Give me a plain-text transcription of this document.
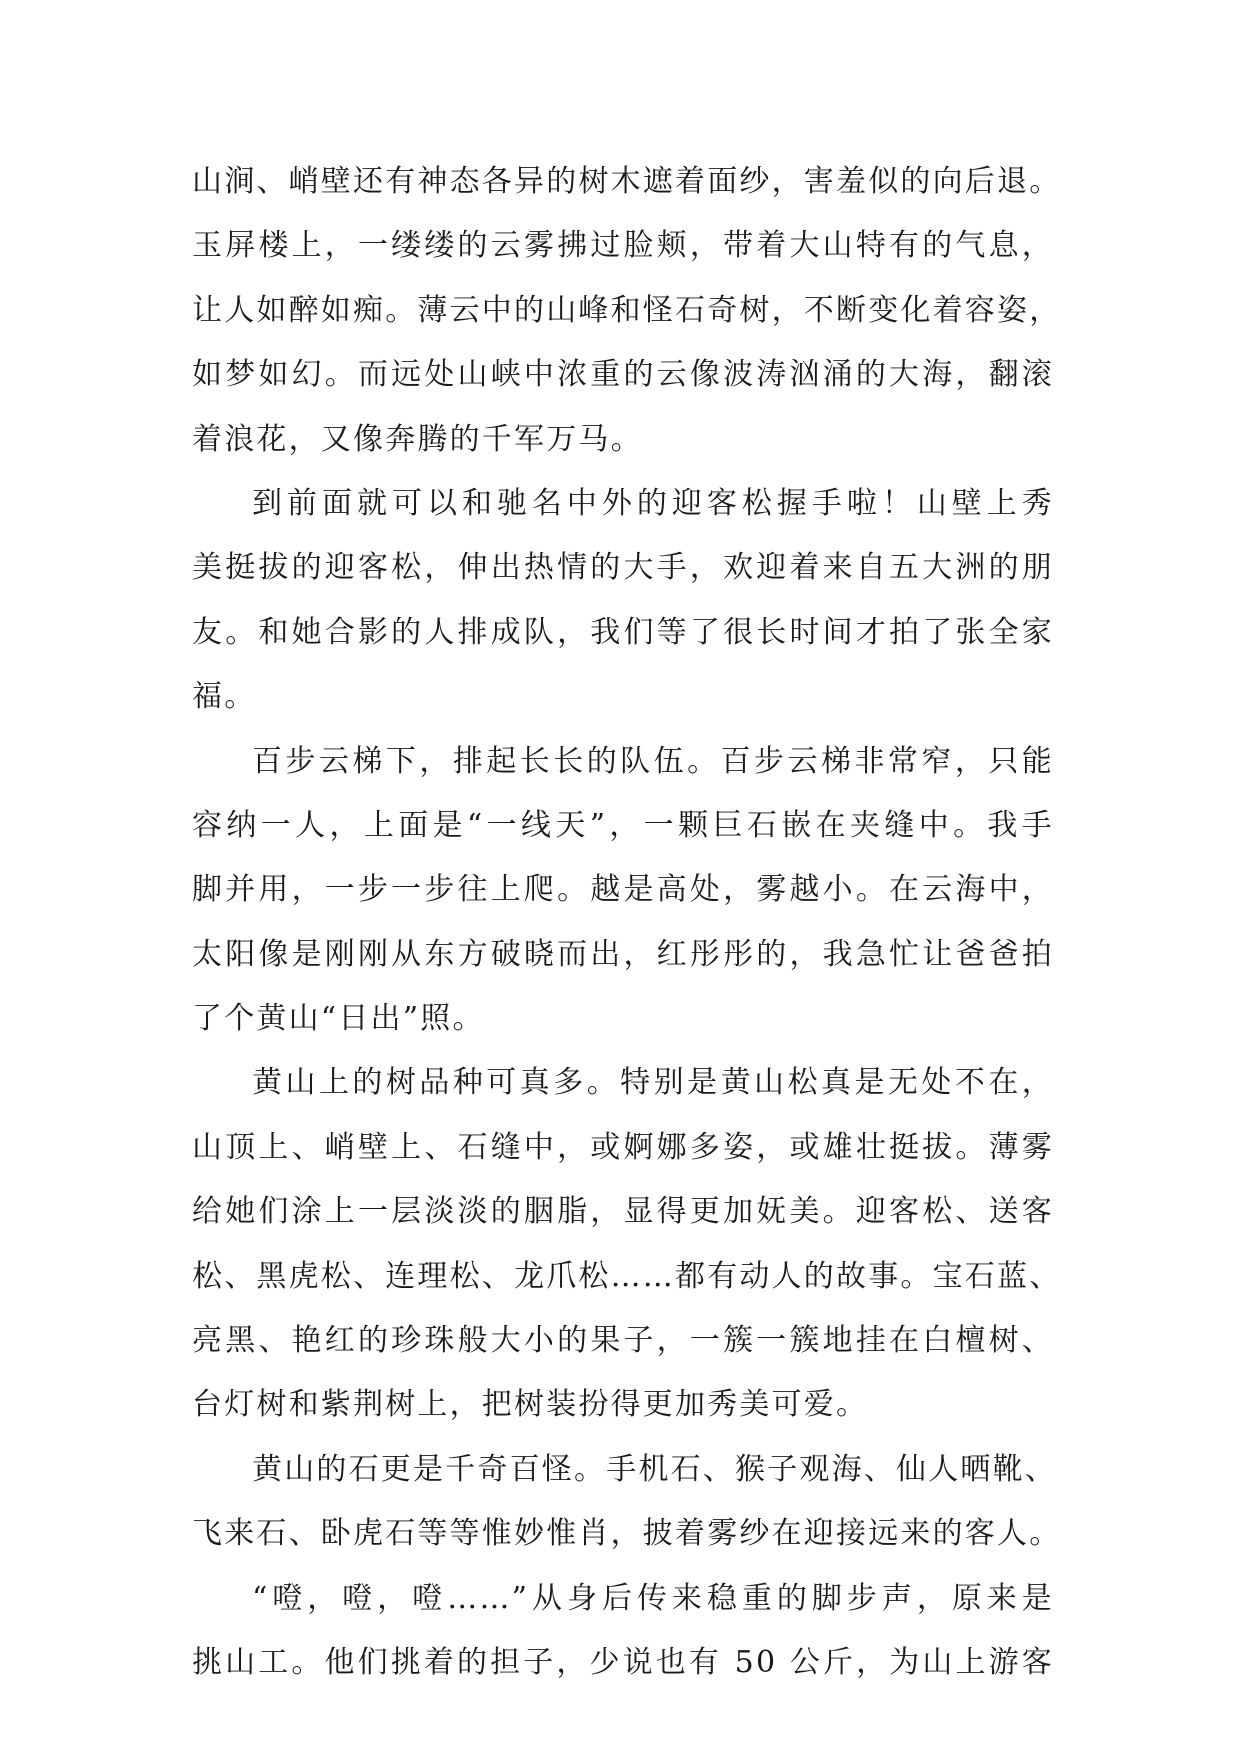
山涧、峭壁还有神态各异的树木遮着面纱，害羞似的向后退。
玉屏楼上，一缕缕的云雾拂过脸颊，带着大山特有的气息，
让人如醉如痴。薄云中的山峰和怪石奇树，不断变化着容姿，
如梦如幻。而远处山峡中浓重的云像波涛汹涌的大海，翻滚
着浪花，又像奔腾的千军万马。
到前面就可以和驰名中外的迎客松握手啦！山壁上秀
美挺拔的迎客松，伸出热情的大手，欢迎着来自五大洲的朋
友。和她合影的人排成队，我们等了很长时间才拍了张全家
福。
百步云梯下，排起长长的队伍。百步云梯非常窄，只能
容纳一人，上面是“一线天”，一颗巨石嵌在夹缝中。我手
脚并用，一步一步往上爬。越是高处，雾越小。在云海中，
太阳像是刚刚从东方破晓而出，红彤彤的，我急忙让爸爸拍
了个黄山“日出”照。
黄山上的树品种可真多。特别是黄山松真是无处不在，
山顶上、峭壁上、石缝中，或婀娜多姿，或雄壮挺拔。薄雾
给她们涂上一层淡淡的胭脂，显得更加妩美。迎客松、送客
松、黑虎松、连理松、龙爪松……都有动人的故事。宝石蓝、
亮黑、艳红的珍珠般大小的果子，一簇一簇地挂在白檀树、
台灯树和紫荆树上，把树装扮得更加秀美可爱。
黄山的石更是千奇百怪。手机石、猴子观海、仙人晒靴、
飞来石、卧虎石等等惟妙惟肖，披着雾纱在迎接远来的客人。
“噔，噔，噔……”从身后传来稳重的脚步声，原来是
挑山工。他们挑着的担子，少说也有 50 公斤，为山上游客
